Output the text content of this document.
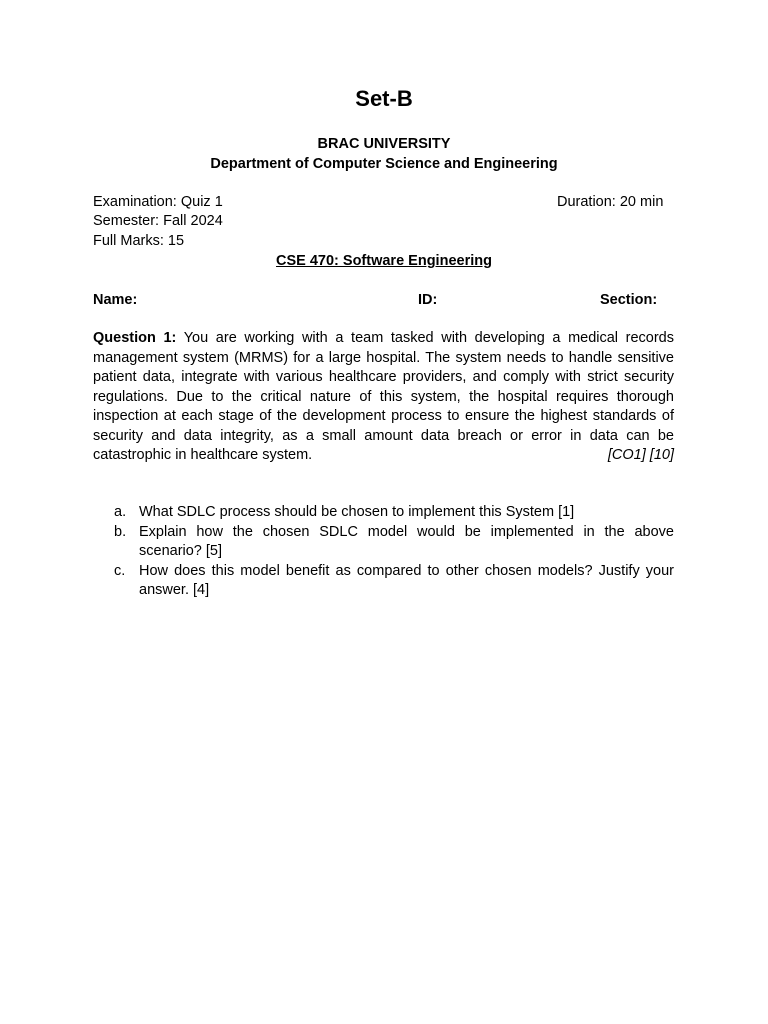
Set-B
BRAC UNIVERSITY
Department of Computer Science and Engineering
Examination: Quiz 1	Duration: 20 min
Semester: Fall 2024
Full Marks: 15
CSE 470: Software Engineering
Name:	ID:	Section:
Question 1: You are working with a team tasked with developing a medical records management system (MRMS) for a large hospital. The system needs to handle sensitive patient data, integrate with various healthcare providers, and comply with strict security regulations. Due to the critical nature of this system, the hospital requires thorough inspection at each stage of the development process to ensure the highest standards of security and data integrity, as a small amount data breach or error in data can be catastrophic in healthcare system.	[CO1] [10]
a. What SDLC process should be chosen to implement this System [1]
b. Explain how the chosen SDLC model would be implemented in the above scenario? [5]
c. How does this model benefit as compared to other chosen models? Justify your answer. [4]
